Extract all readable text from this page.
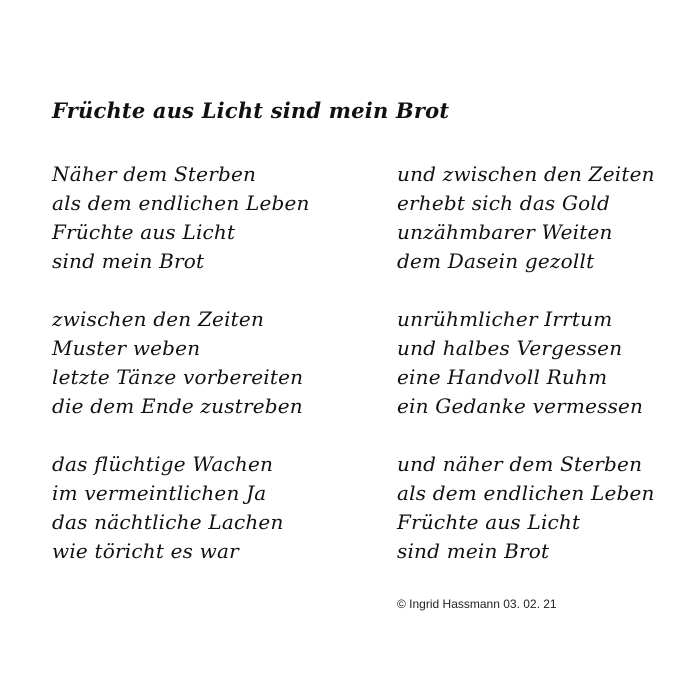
Früchte aus Licht sind mein Brot
Näher dem Sterben
als dem endlichen Leben
Früchte aus Licht
sind mein Brot
zwischen den Zeiten
Muster weben
letzte Tänze vorbereiten
die dem Ende zustreben
das flüchtige Wachen
im vermeintlichen Ja
das nächtliche Lachen
wie töricht es war
und zwischen den Zeiten
erhebt sich das Gold
unzähmbarer Weiten
dem Dasein gezollt
unrühmlicher Irrtum
und halbes Vergessen
eine Handvoll Ruhm
ein Gedanke vermessen
und näher dem Sterben
als dem endlichen Leben
Früchte aus Licht
sind mein Brot
© Ingrid Hassmann 03. 02. 21
